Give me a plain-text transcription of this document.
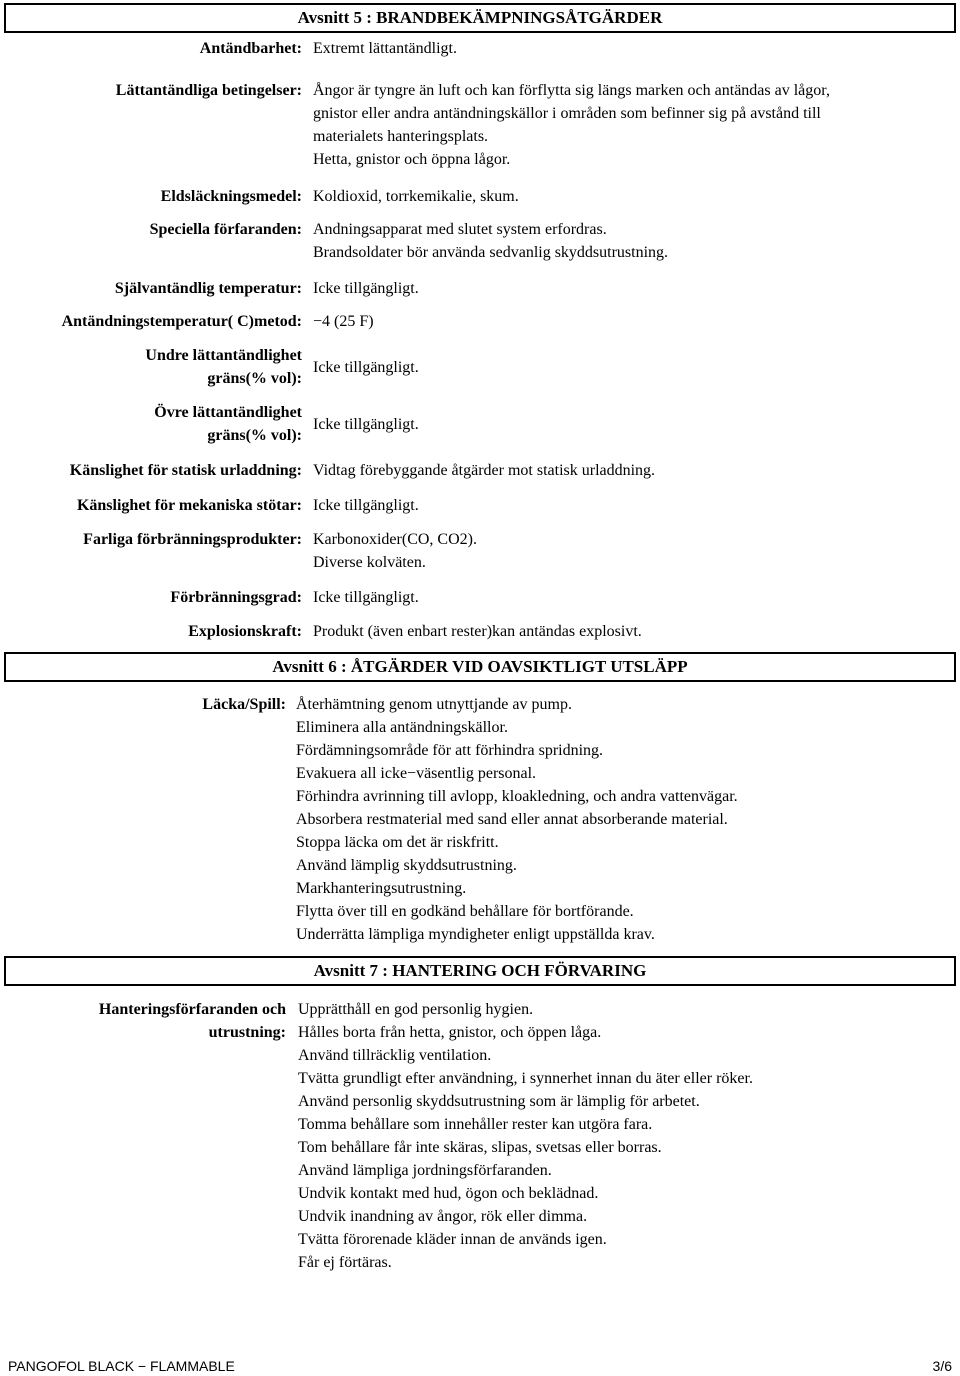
Avsnitt 5 : BRANDBEKÄMPNINGSÅTGÄRDER
Antändbarhet: Extremt lättantändligt.
Lättantändliga betingelser: Ångor är tyngre än luft och kan förflytta sig längs marken och antändas av lågor,
gnistor eller andra antändningskällor i områden som befinner sig på avstånd till
materialets hanteringsplats.
Hetta, gnistor och öppna lågor.
Eldsläckningsmedel: Koldioxid, torrkemikalie, skum.
Speciella förfaranden: Andningsapparat med slutet system erfordras.
Brandsoldater bör använda sedvanlig skyddsutrustning.
Självantändlig temperatur: Icke tillgängligt.
Antändningstemperatur( C)metod: −4 (25 F)
Undre lättantändlighet
gräns(% vol):
Icke tillgängligt.
Övre lättantändlighet
gräns(% vol):
Icke tillgängligt.
Känslighet för statisk urladdning: Vidtag förebyggande åtgärder mot statisk urladdning.
Känslighet för mekaniska stötar: Icke tillgängligt.
Farliga förbränningsprodukter: Karbonoxider(CO, CO2).
Diverse kolväten.
Förbränningsgrad: Icke tillgängligt.
Explosionskraft: Produkt (även enbart rester)kan antändas explosivt.
Avsnitt 6 : ÅTGÄRDER VID OAVSIKTLIGT UTSLÄPP
Läcka/Spill: Återhämtning genom utnyttjande av pump.
Eliminera alla antändningskällor.
Fördämningsområde för att förhindra spridning.
Evakuera all icke−väsentlig personal.
Förhindra avrinning till avlopp, kloakledning, och andra vattenvägar.
Absorbera restmaterial med sand eller annat absorberande material.
Stoppa läcka om det är riskfritt.
Använd lämplig skyddsutrustning.
Markhanteringsutrustning.
Flytta över till en godkänd behållare för bortförande.
Underrätta lämpliga myndigheter enligt uppställda krav.
Avsnitt 7 : HANTERING OCH FÖRVARING
Hanteringsförfaranden och
utrustning:
Upprätthåll en god personlig hygien.
Hålles borta från hetta, gnistor, och öppen låga.
Använd tillräcklig ventilation.
Tvätta grundligt efter användning, i synnerhet innan du äter eller röker.
Använd personlig skyddsutrustning som är lämplig för arbetet.
Tomma behållare som innehåller rester kan utgöra fara.
Tom behållare får inte skäras, slipas, svetsas eller borras.
Använd lämpliga jordningsförfaranden.
Undvik kontakt med hud, ögon och beklädnad.
Undvik inandning av ångor, rök eller dimma.
Tvätta förorenade kläder innan de används igen.
Får ej förtäras.
PANGOFOL BLACK − FLAMMABLE	3/6
